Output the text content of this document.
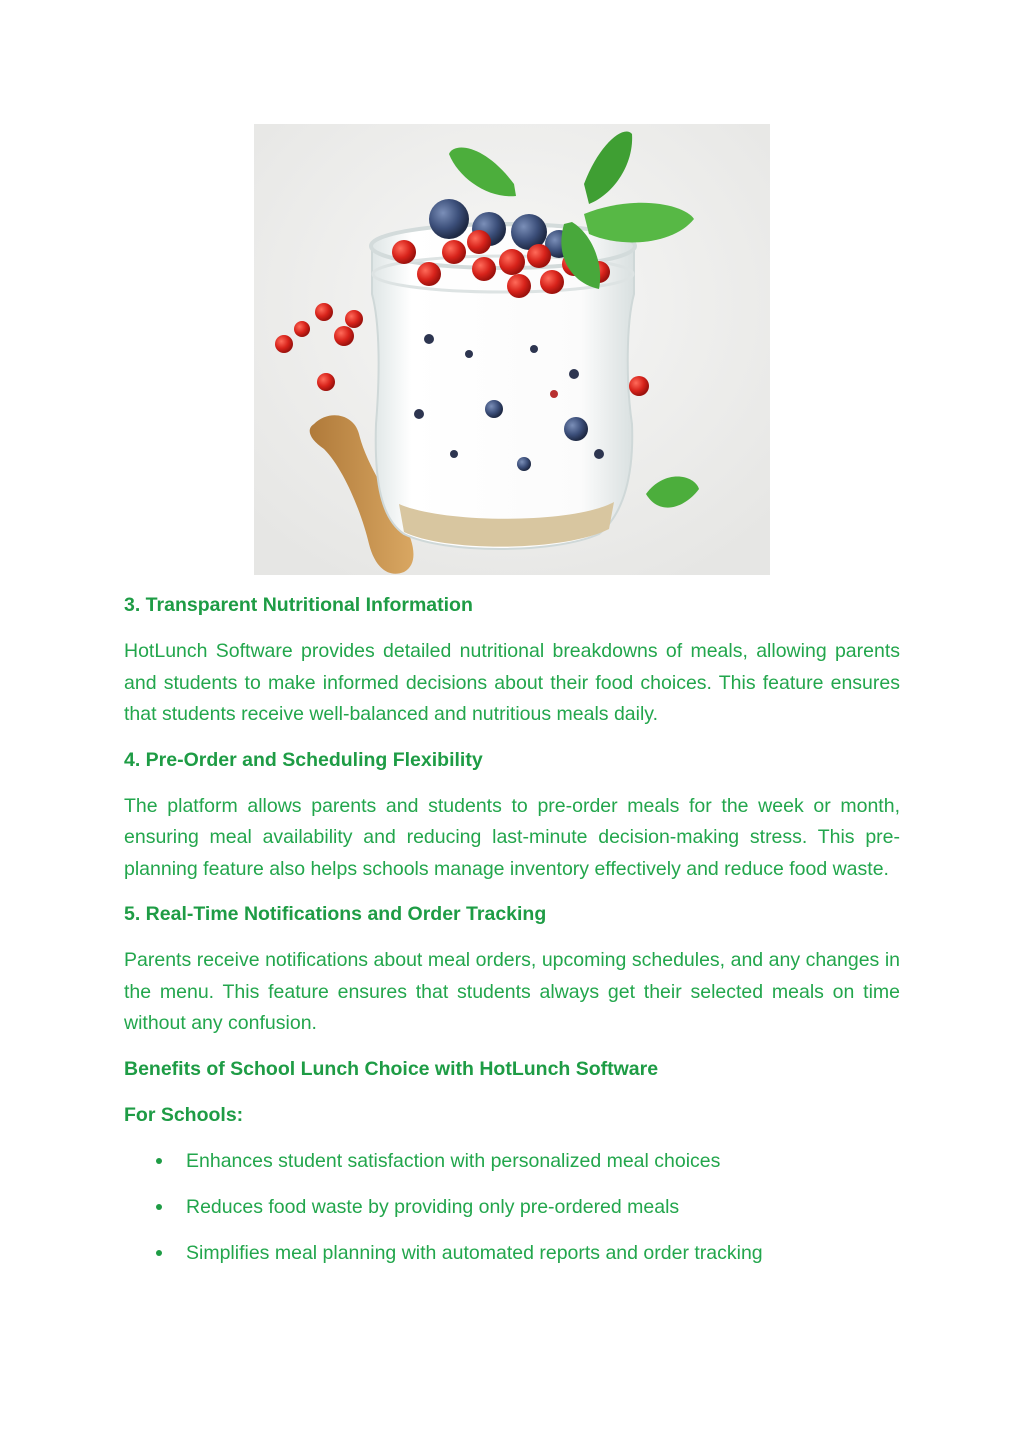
3. Transparent Nutritional Information

HotLunch Software provides detailed nutritional breakdowns of meals, allowing parents and students to make informed decisions about their food choices. This feature ensures that students receive well-balanced and nutritious meals daily.

4. Pre-Order and Scheduling Flexibility

The platform allows parents and students to pre-order meals for the week or month, ensuring meal availability and reducing last-minute decision-making stress. This pre-planning feature also helps schools manage inventory effectively and reduce food waste.

5. Real-Time Notifications and Order Tracking

Parents receive notifications about meal orders, upcoming schedules, and any changes in the menu. This feature ensures that students always get their selected meals on time without any confusion.

Benefits of School Lunch Choice with HotLunch Software
For Schools:
Enhances student satisfaction with personalized meal choices
Reduces food waste by providing only pre-ordered meals
Simplifies meal planning with automated reports and order tracking
